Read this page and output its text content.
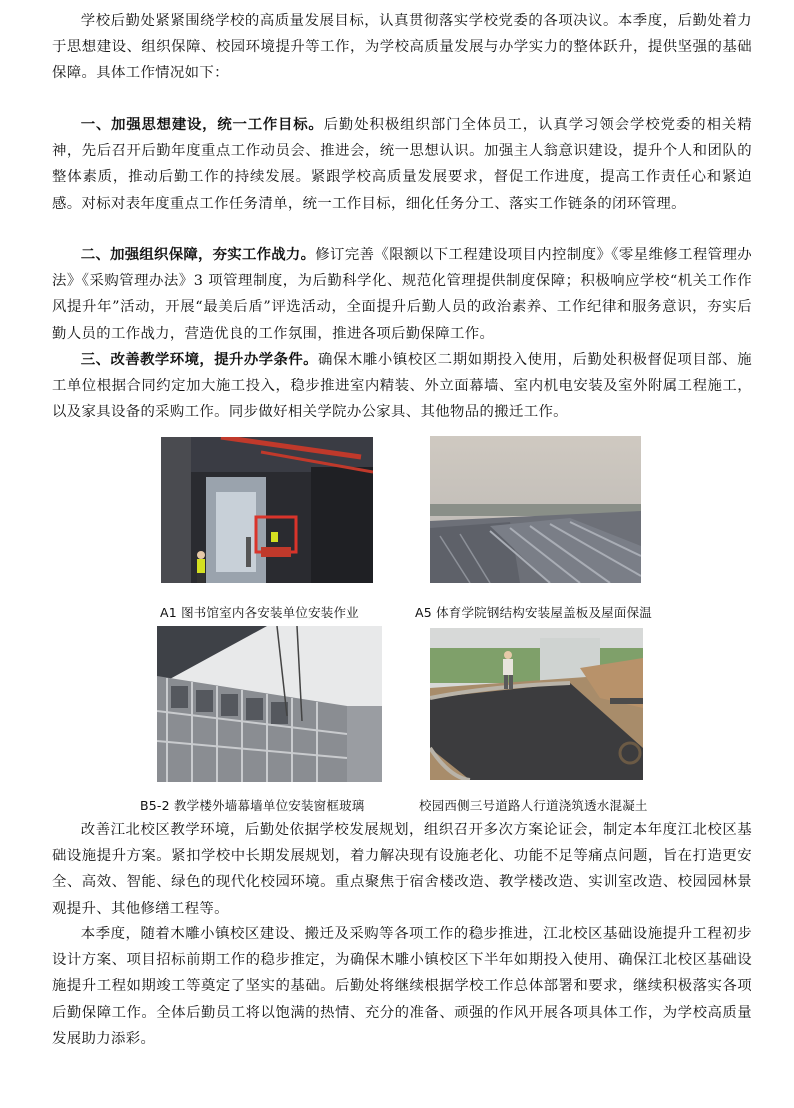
学校后勤处紧紧围绕学校的高质量发展目标，认真贯彻落实学校党委的各项决议。本季度，后勤处着力于思想建设、组织保障、校园环境提升等工作，为学校高质量发展与办学实力的整体跃升，提供坚强的基础保障。具体工作情况如下：

一、加强思想建设，统一工作目标。后勤处积极组织部门全体员工，认真学习领会学校党委的相关精神，先后召开后勤年度重点工作动员会、推进会，统一思想认识。加强主人翁意识建设，提升个人和团队的整体素质，推动后勤工作的持续发展。紧跟学校高质量发展要求，督促工作进度，提高工作责任心和紧迫感。对标对表年度重点工作任务清单，统一工作目标，细化任务分工、落实工作链条的闭环管理。

二、加强组织保障，夯实工作战力。修订完善《限额以下工程建设项目内控制度》《零星维修工程管理办法》《采购管理办法》3 项管理制度，为后勤科学化、规范化管理提供制度保障；积极响应学校“机关工作作风提升年”活动，开展“最美后盾”评选活动，全面提升后勤人员的政治素养、工作纪律和服务意识，夯实后勤人员的工作战力，营造优良的工作氛围，推进各项后勤保障工作。

三、改善教学环境，提升办学条件。确保木雕小镇校区二期如期投入使用，后勤处积极督促项目部、施工单位根据合同约定加大施工投入，稳步推进室内精装、外立面幕墙、室内机电安装及室外附属工程施工，以及家具设备的采购工作。同步做好相关学院办公家具、其他物品的搬迁工作。

改善江北校区教学环境，后勤处依据学校发展规划，组织召开多次方案论证会，制定本年度江北校区基础设施提升方案。紧扣学校中长期发展规划，着力解决现有设施老化、功能不足等痛点问题，旨在打造更安全、高效、智能、绿色的现代化校园环境。重点聚焦于宿舍楼改造、教学楼改造、实训室改造、校园园林景观提升、其他修缮工程等。

本季度，随着木雕小镇校区建设、搬迁及采购等各项工作的稳步推进，江北校区基础设施提升工程初步设计方案、项目招标前期工作的稳步推定，为确保木雕小镇校区下半年如期投入使用、确保江北校区基础设施提升工程如期竣工等奠定了坚实的基础。后勤处将继续根据学校工作总体部署和要求，继续积极落实各项后勤保障工作。全体后勤员工将以饱满的热情、充分的准备、顽强的作风开展各项具体工作，为学校高质量发展助力添彩。

A1 图书馆室内各安装单位安装作业	A5 体育学院钢结构安装屋盖板及屋面保温
B5-2 教学楼外墙幕墙单位安装窗框玻璃	校园西侧三号道路人行道浇筑透水混凝土
